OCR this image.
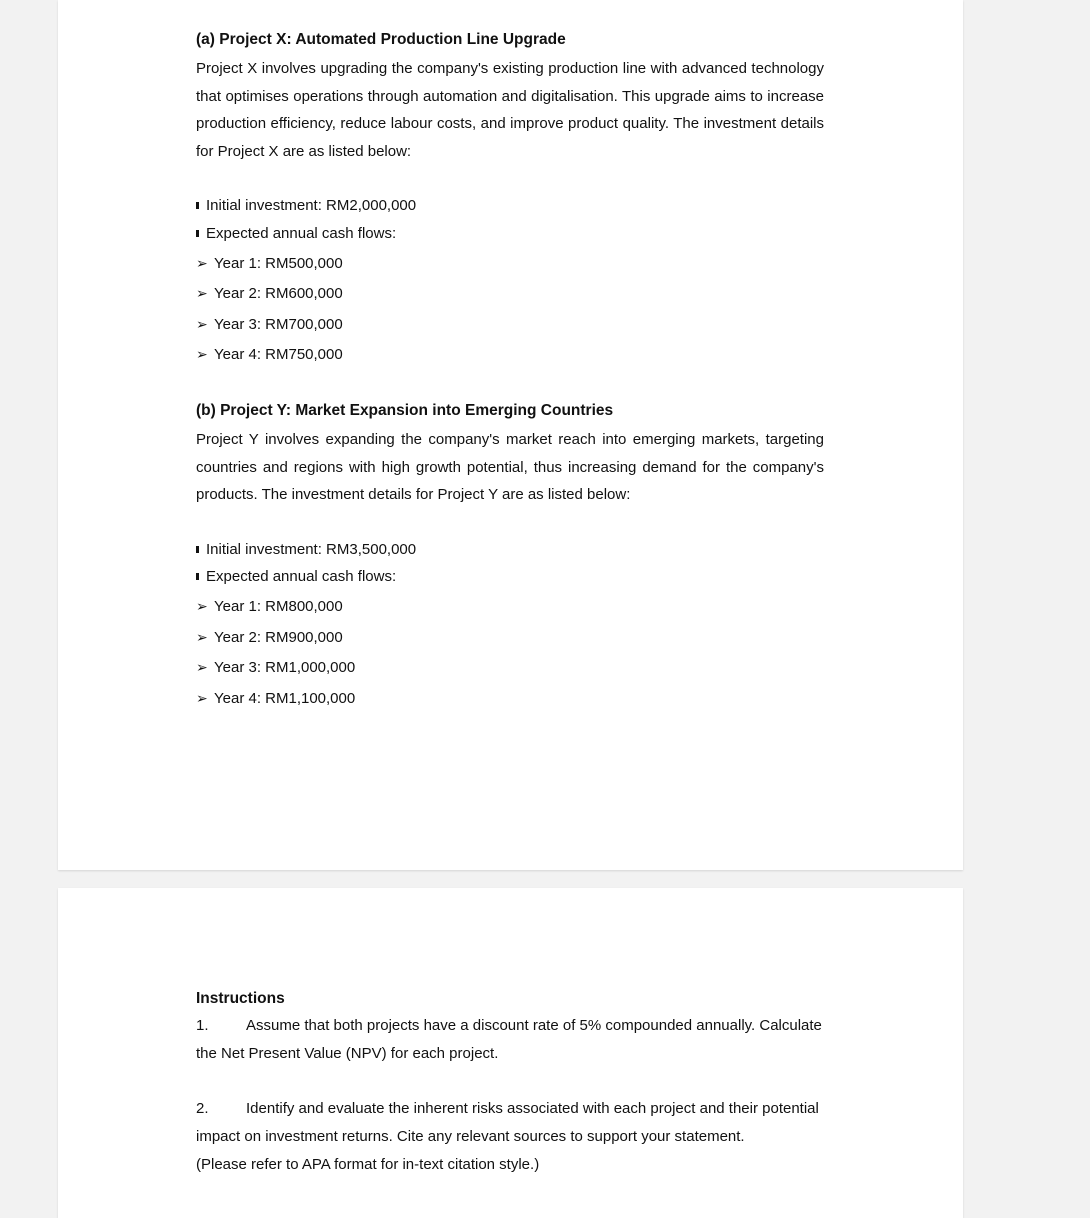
(a) Project X: Automated Production Line Upgrade
Project X involves upgrading the company's existing production line with advanced technology that optimises operations through automation and digitalisation. This upgrade aims to increase production efficiency, reduce labour costs, and improve product quality. The investment details for Project X are as listed below:
Initial investment: RM2,000,000
Expected annual cash flows:
➢ Year 1: RM500,000
➢ Year 2: RM600,000
➢ Year 3: RM700,000
➢ Year 4: RM750,000
(b) Project Y: Market Expansion into Emerging Countries
Project Y involves expanding the company's market reach into emerging markets, targeting countries and regions with high growth potential, thus increasing demand for the company's products. The investment details for Project Y are as listed below:
Initial investment: RM3,500,000
Expected annual cash flows:
➢ Year 1: RM800,000
➢ Year 2: RM900,000
➢ Year 3: RM1,000,000
➢ Year 4: RM1,100,000
Instructions
1. Assume that both projects have a discount rate of 5% compounded annually. Calculate
the Net Present Value (NPV) for each project.
2. Identify and evaluate the inherent risks associated with each project and their potential
impact on investment returns. Cite any relevant sources to support your statement.
(Please refer to APA format for in-text citation style.)
